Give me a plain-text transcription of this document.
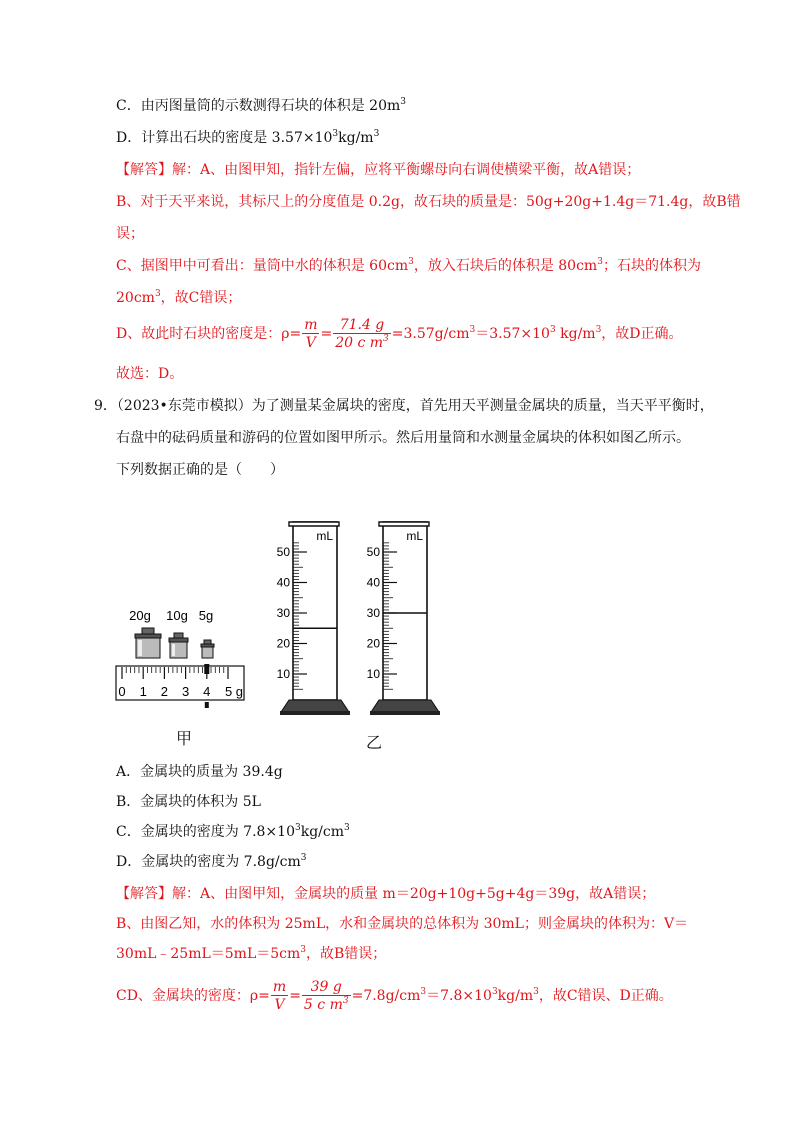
C．由丙图量筒的示数测得石块的体积是 $20m^3$
D．计算出石块的密度是 $3.57\times 10^3kg/m^3$
【解答】解：A、由图甲知，指针左偏，应将平衡螺母向右调使横梁平衡，故A错误；
B、对于天平来说，其标尺上的分度值是 0.2g，故石块的质量是：50g+20g+1.4g＝71.4g，故B错
误；
C、据图甲中可看出：量筒中水的体积是 $60cm^3$，放入石块后的体积是 $80cm^3$；石块的体积为
$20cm^3$，故C错误；
D、故此时石块的密度是：$\rho= \frac{m}{V} = \frac{71.4 g}{20 c m^3} =3.57g/cm^3=3.57\times 10^3$ $kg/m^3$，故D正确。
故选：D。
9．（2023•东莞市模拟）为了测量某金属块的密度，首先用天平测量金属块的质量，当天平平衡时，
右盘中的砝码质量和游码的位置如图甲所示。然后用量筒和水测量金属块的体积如图乙所示。
下列数据正确的是（　　）
20g 10g 5g
0 1 2 3 4 5 g
甲
mL
50
40
30
20
10
mL
50
40
30
20
10
乙
A．金属块的质量为 39.4g
B．金属块的体积为 5L
C．金属块的密度为 $7.8\times 10^3kg/cm^3$
D．金属块的密度为 $7.8g/cm^3$
【解答】解：A、由图甲知，金属块的质量 m＝20g+10g+5g+4g＝39g，故A错误；
B、由图乙知，水的体积为 25mL，水和金属块的总体积为 30mL；则金属块的体积为：V＝
$30mL﹣25mL=5mL=5cm^3$，故B错误；
CD、金属块的密度：$\rho= \frac{m}{V} = \frac{39 g}{5 c m^3} =7.8g/cm^3=7.8\times 10^3kg/m^3$，故C错误、D正确。
